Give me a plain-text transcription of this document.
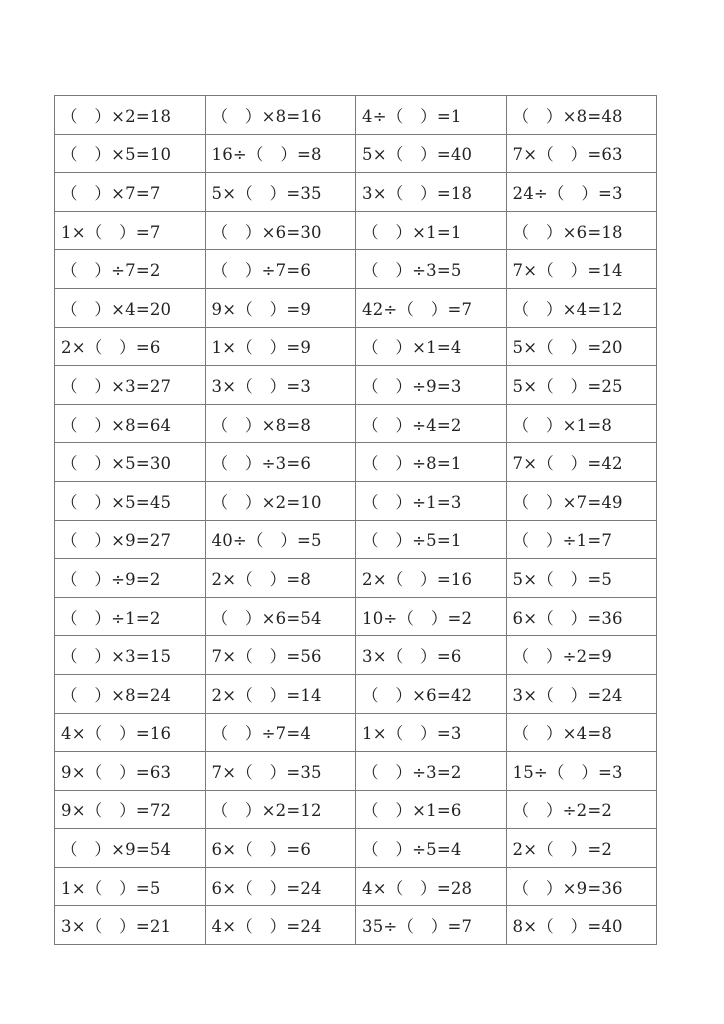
（　）×2=18	（　）×8=16	4÷（　）=1	（　）×8=48
（　）×5=10	16÷（　）=8	5×（　）=40	7×（　）=63
（　）×7=7	5×（　）=35	3×（　）=18	24÷（　）=3
1×（　）=7	（　）×6=30	（　）×1=1	（　）×6=18
（　）÷7=2	（　）÷7=6	（　）÷3=5	7×（　）=14
（　）×4=20	9×（　）=9	42÷（　）=7	（　）×4=12
2×（　）=6	1×（　）=9	（　）×1=4	5×（　）=20
（　）×3=27	3×（　）=3	（　）÷9=3	5×（　）=25
（　）×8=64	（　）×8=8	（　）÷4=2	（　）×1=8
（　）×5=30	（　）÷3=6	（　）÷8=1	7×（　）=42
（　）×5=45	（　）×2=10	（　）÷1=3	（　）×7=49
（　）×9=27	40÷（　）=5	（　）÷5=1	（　）÷1=7
（　）÷9=2	2×（　）=8	2×（　）=16	5×（　）=5
（　）÷1=2	（　）×6=54	10÷（　）=2	6×（　）=36
（　）×3=15	7×（　）=56	3×（　）=6	（　）÷2=9
（　）×8=24	2×（　）=14	（　）×6=42	3×（　）=24
4×（　）=16	（　）÷7=4	1×（　）=3	（　）×4=8
9×（　）=63	7×（　）=35	（　）÷3=2	15÷（　）=3
9×（　）=72	（　）×2=12	（　）×1=6	（　）÷2=2
（　）×9=54	6×（　）=6	（　）÷5=4	2×（　）=2
1×（　）=5	6×（　）=24	4×（　）=28	（　）×9=36
3×（　）=21	4×（　）=24	35÷（　）=7	8×（　）=40
